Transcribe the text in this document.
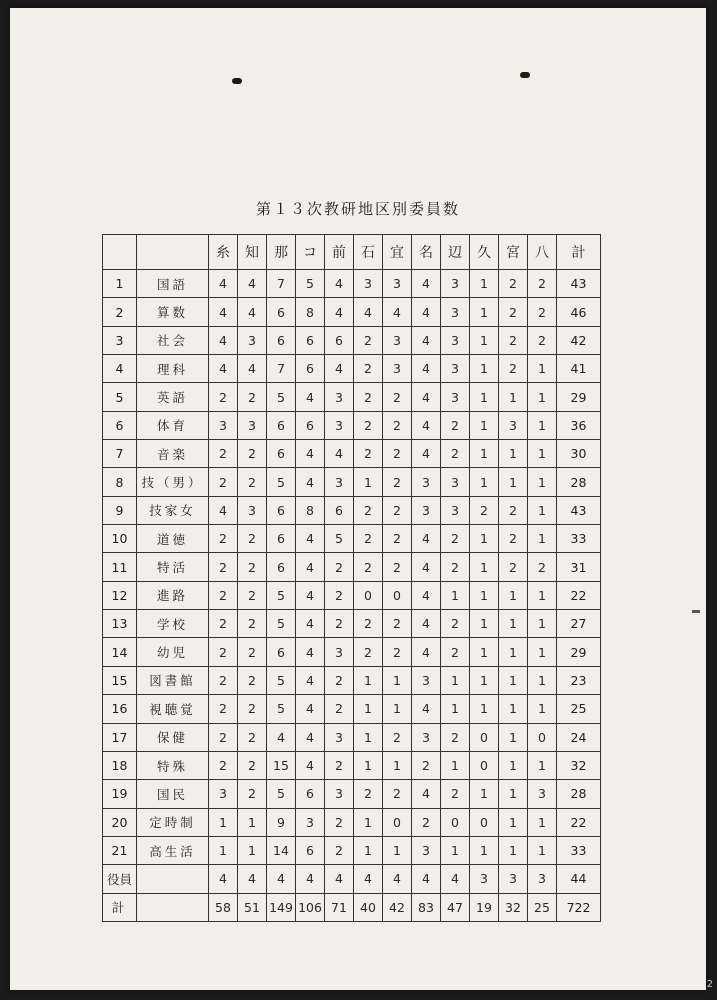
第１３次教研地区別委員数
		糸	知	那	コ	前	石	宜	名	辺	久	宮	八	計
1	国語	4	4	7	5	4	3	3	4	3	1	2	2	43
2	算数	4	4	6	8	4	4	4	4	3	1	2	2	46
3	社会	4	3	6	6	6	2	3	4	3	1	2	2	42
4	理科	4	4	7	6	4	2	3	4	3	1	2	1	41
5	英語	2	2	5	4	3	2	2	4	3	1	1	1	29
6	体育	3	3	6	6	3	2	2	4	2	1	3	1	36
7	音楽	2	2	6	4	4	2	2	4	2	1	1	1	30
8	技（男）	2	2	5	4	3	1	2	3	3	1	1	1	28
9	技家女	4	3	6	8	6	2	2	3	3	2	2	1	43
10	道徳	2	2	6	4	5	2	2	4	2	1	2	1	33
11	特活	2	2	6	4	2	2	2	4	2	1	2	2	31
12	進路	2	2	5	4	2	0	0	4	1	1	1	1	22
13	学校	2	2	5	4	2	2	2	4	2	1	1	1	27
14	幼児	2	2	6	4	3	2	2	4	2	1	1	1	29
15	図書館	2	2	5	4	2	1	1	3	1	1	1	1	23
16	視聴覚	2	2	5	4	2	1	1	4	1	1	1	1	25
17	保健	2	2	4	4	3	1	2	3	2	0	1	0	24
18	特殊	2	2	15	4	2	1	1	2	1	0	1	1	32
19	国民	3	2	5	6	3	2	2	4	2	1	1	3	28
20	定時制	1	1	9	3	2	1	0	2	0	0	1	1	22
21	高生活	1	1	14	6	2	1	1	3	1	1	1	1	33
役員		4	4	4	4	4	4	4	4	4	3	3	3	44
計		58	51	149	106	71	40	42	83	47	19	32	25	722
2
